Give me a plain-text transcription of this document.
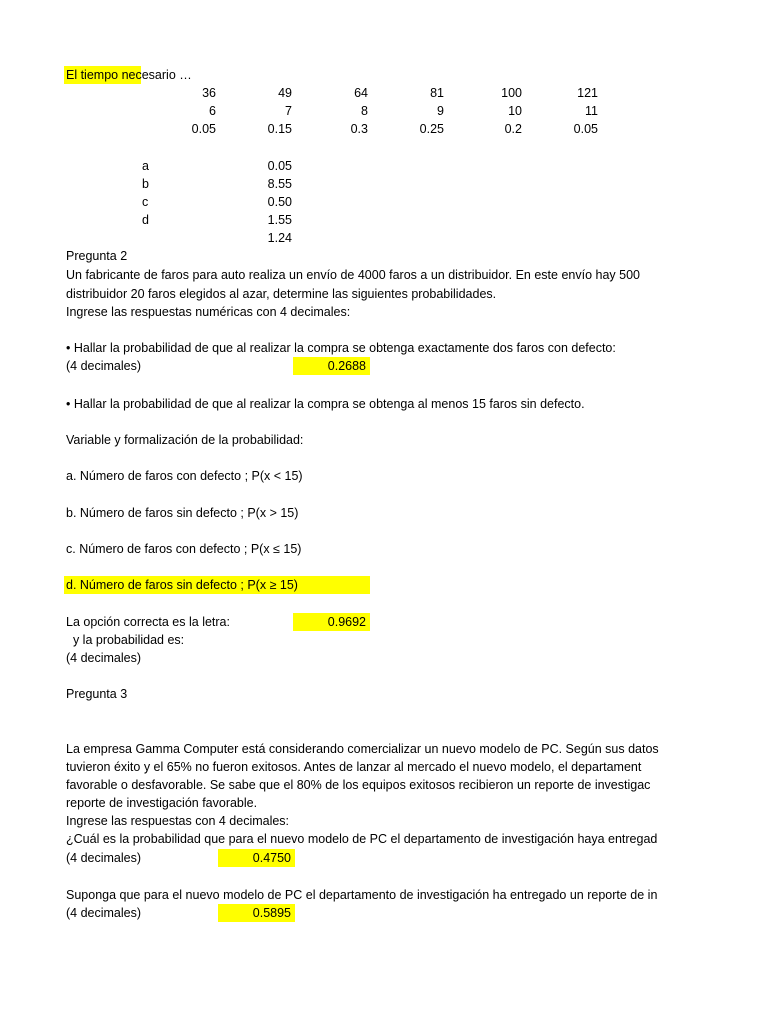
El tiempo necesario …
36	49	64	81	100	121
6	7	8	9	10	11
0.05	0.15	0.3	0.25	0.2	0.05
a	0.05
b	8.55
c	0.50
d	1.55
1.24
Pregunta 2
Un fabricante de faros para auto realiza un envío de 4000 faros a un distribuidor. En este envío hay 500
distribuidor 20 faros elegidos al azar, determine las siguientes probabilidades.
Ingrese las respuestas numéricas con 4 decimales:
• Hallar la probabilidad de que al realizar la compra se obtenga exactamente dos faros con defecto:
(4 decimales)	0.2688
• Hallar la probabilidad de que al realizar la compra se obtenga al menos 15 faros sin defecto.
Variable y formalización de la probabilidad:
a. Número de faros con defecto ; P(x < 15)
b. Número de faros sin defecto ; P(x > 15)
c. Número de faros con defecto ; P(x ≤ 15)
d. Número de faros sin defecto ; P(x ≥ 15)
La opción correcta es la letra:	0.9692
y la probabilidad es:
(4 decimales)
Pregunta 3
La empresa Gamma Computer está considerando comercializar un nuevo modelo de PC. Según sus datos
tuvieron éxito y el 65% no fueron exitosos. Antes de lanzar al mercado el nuevo modelo, el departament
favorable o desfavorable. Se sabe que el 80% de los equipos exitosos recibieron un reporte de investigac
reporte de investigación favorable.
Ingrese las respuestas con 4 decimales:
¿Cuál es la probabilidad que para el nuevo modelo de PC el departamento de investigación haya entregad
(4 decimales)	0.4750
Suponga que para el nuevo modelo de PC el departamento de investigación ha entregado un reporte de in
(4 decimales)	0.5895
